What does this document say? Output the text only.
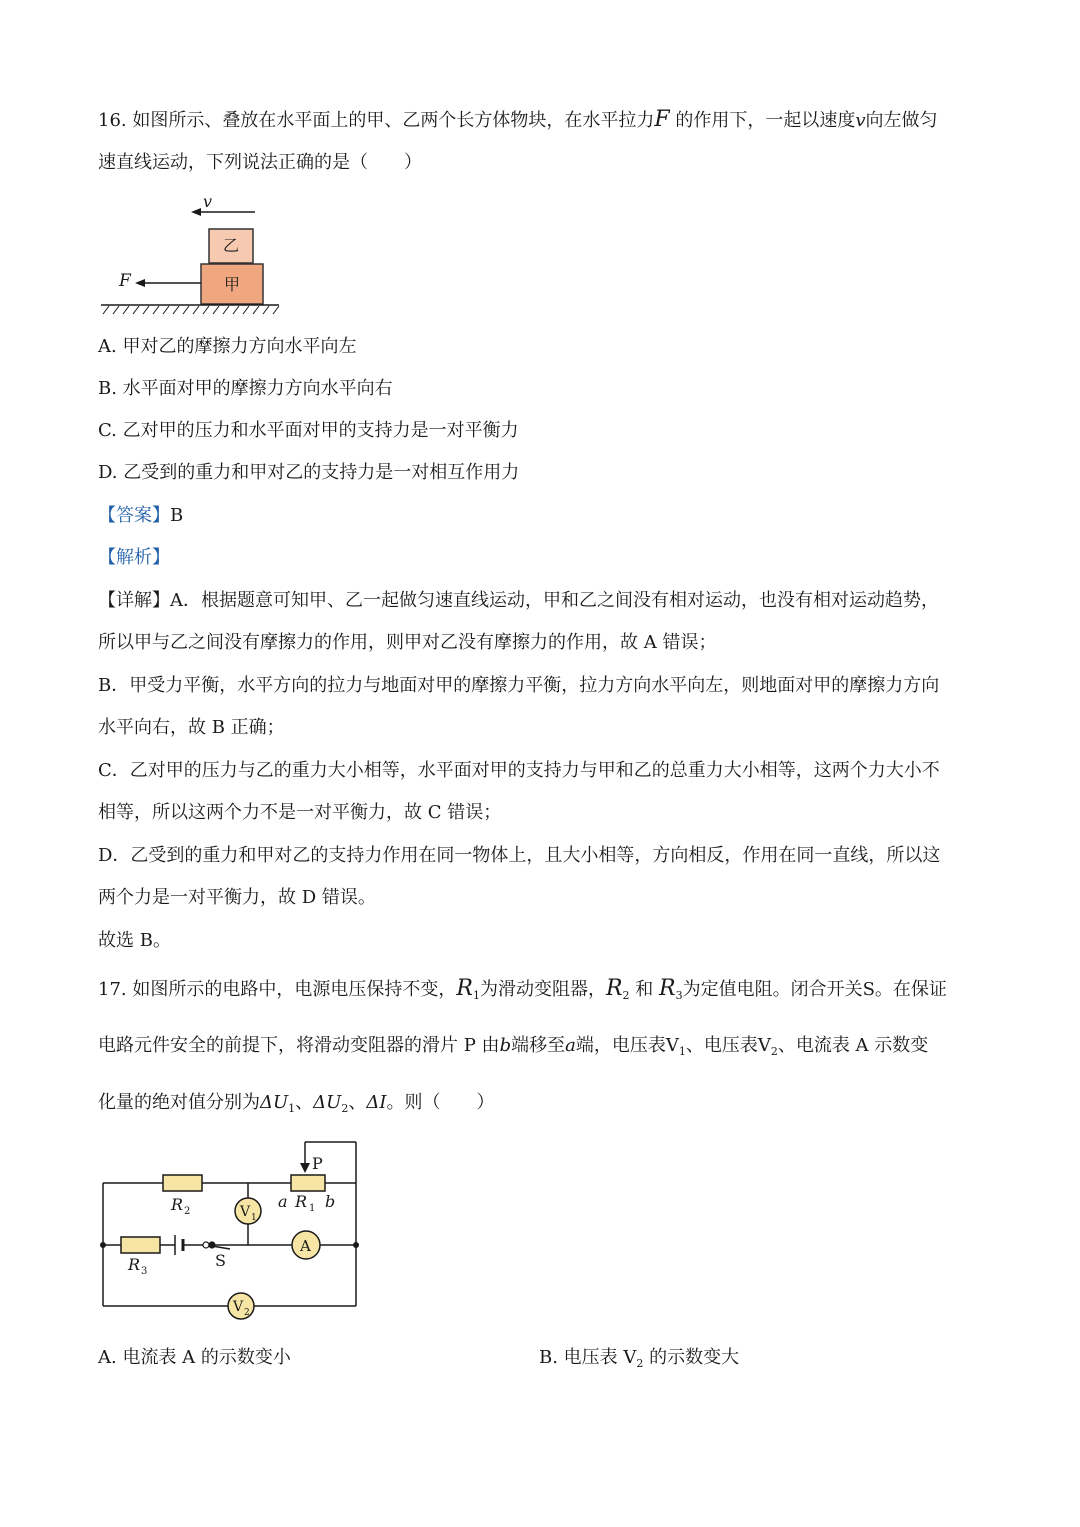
16. 如图所示、叠放在水平面上的甲、乙两个长方体物块，在水平拉力F 的作用下，一起以速度v向左做匀
速直线运动，下列说法正确的是（　　）
v
乙
甲
F
A. 甲对乙的摩擦力方向水平向左
B. 水平面对甲的摩擦力方向水平向右
C. 乙对甲的压力和水平面对甲的支持力是一对平衡力
D. 乙受到的重力和甲对乙的支持力是一对相互作用力
【答案】B
【解析】
【详解】A．根据题意可知甲、乙一起做匀速直线运动，甲和乙之间没有相对运动，也没有相对运动趋势，
所以甲与乙之间没有摩擦力的作用，则甲对乙没有摩擦力的作用，故 A 错误；
B．甲受力平衡，水平方向的拉力与地面对甲的摩擦力平衡，拉力方向水平向左，则地面对甲的摩擦力方向
水平向右，故 B 正确；
C．乙对甲的压力与乙的重力大小相等，水平面对甲的支持力与甲和乙的总重力大小相等，这两个力大小不
相等，所以这两个力不是一对平衡力，故 C 错误；
D．乙受到的重力和甲对乙的支持力作用在同一物体上，且大小相等，方向相反，作用在同一直线，所以这
两个力是一对平衡力，故 D 错误。
故选 B。
17. 如图所示的电路中，电源电压保持不变，$R_1$为滑动变阻器，$R_2$ 和 $R_3$为定值电阻。闭合开关S。在保证
电路元件安全的前提下，将滑动变阻器的滑片 P 由b端移至a端，电压表$V_1$、电压表$V_2$、电流表 A 示数变
化量的绝对值分别为$\Delta U_1$、$\Delta U_2$、ΔI。则（　　）
P
a R 1 b
R 2
R 3
S
V 1
A
V 2
A. 电流表 A 的示数变小	B. 电压表 $V_2$ 的示数变大
